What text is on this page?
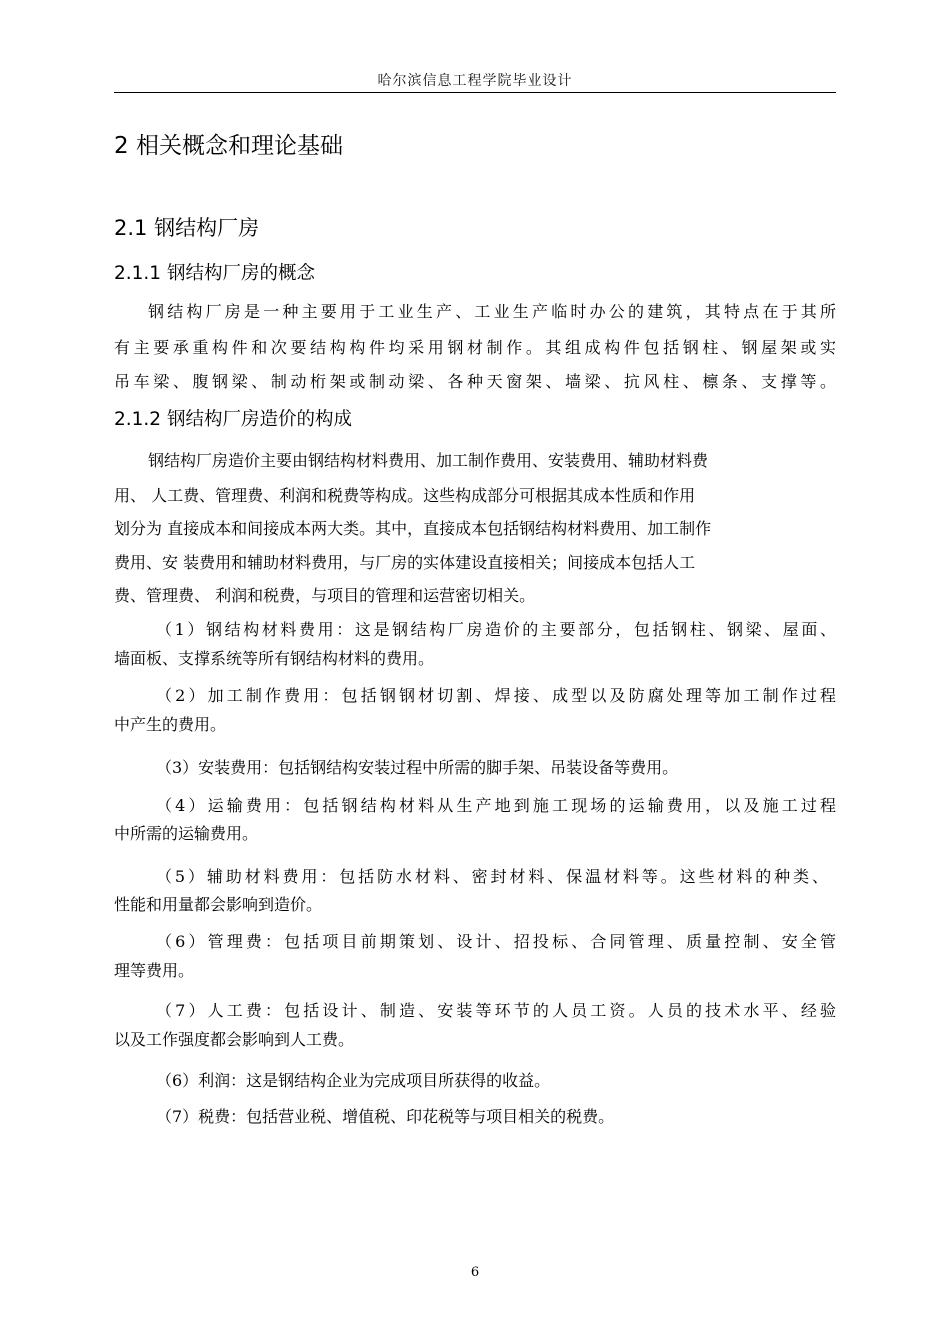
哈尔滨信息工程学院毕业设计
2 相关概念和理论基础
2.1 钢结构厂房
2.1.1 钢结构厂房的概念
钢结构厂房是一种主要用于工业生产、工业生产临时办公的建筑，其特点在于其所
有主要承重构件和次要结构构件均采用钢材制作。其组成构件包括钢柱、钢屋架或实
吊车梁、腹钢梁、制动桁架或制动梁、各种天窗架、墙梁、抗风柱、檩条、支撑等。
2.1.2 钢结构厂房造价的构成
钢结构厂房造价主要由钢结构材料费用、加工制作费用、安装费用、辅助材料费
用、 人工费、管理费、利润和税费等构成。这些构成部分可根据其成本性质和作用
划分为 直接成本和间接成本两大类。其中，直接成本包括钢结构材料费用、加工制作
费用、安 装费用和辅助材料费用，与厂房的实体建设直接相关；间接成本包括人工
费、管理费、 利润和税费，与项目的管理和运营密切相关。
（1）钢结构材料费用：这是钢结构厂房造价的主要部分，包括钢柱、钢梁、屋面、
墙面板、支撑系统等所有钢结构材料的费用。
（2）加工制作费用：包括钢钢材切割、焊接、成型以及防腐处理等加工制作过程
中产生的费用。
（3）安装费用：包括钢结构安装过程中所需的脚手架、吊装设备等费用。
（4）运输费用：包括钢结构材料从生产地到施工现场的运输费用，以及施工过程
中所需的运输费用。
（5）辅助材料费用：包括防水材料、密封材料、保温材料等。这些材料的种类、
性能和用量都会影响到造价。
（6）管理费：包括项目前期策划、设计、招投标、合同管理、质量控制、安全管
理等费用。
（7）人工费：包括设计、制造、安装等环节的人员工资。人员的技术水平、经验
以及工作强度都会影响到人工费。
（6）利润：这是钢结构企业为完成项目所获得的收益。
（7）税费：包括营业税、增值税、印花税等与项目相关的税费。
6
